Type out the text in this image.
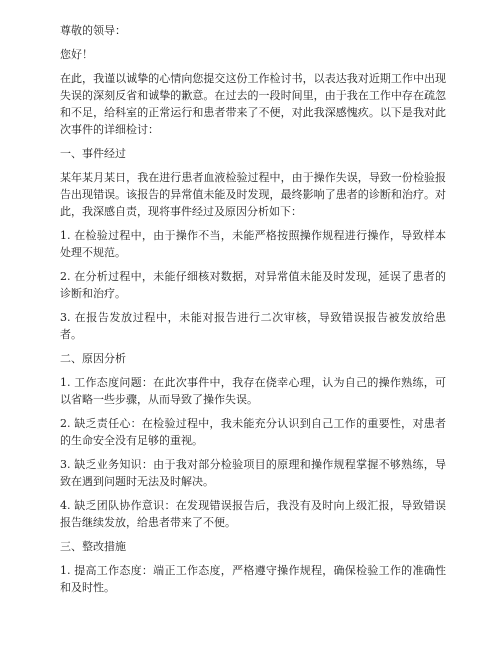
尊敬的领导：

您好！

在此，我谨以诚挚的心情向您提交这份工作检讨书，以表达我对近期工作中出现失误的深刻反省和诚挚的歉意。在过去的一段时间里，由于我在工作中存在疏忽和不足，给科室的正常运行和患者带来了不便，对此我深感愧疚。以下是我对此次事件的详细检讨：

一、事件经过

某年某月某日，我在进行患者血液检验过程中，由于操作失误，导致一份检验报告出现错误。该报告的异常值未能及时发现，最终影响了患者的诊断和治疗。对此，我深感自责，现将事件经过及原因分析如下：

1. 在检验过程中，由于操作不当，未能严格按照操作规程进行操作，导致样本处理不规范。

2. 在分析过程中，未能仔细核对数据，对异常值未能及时发现，延误了患者的诊断和治疗。

3. 在报告发放过程中，未能对报告进行二次审核，导致错误报告被发放给患者。

二、原因分析

1. 工作态度问题：在此次事件中，我存在侥幸心理，认为自己的操作熟练，可以省略一些步骤，从而导致了操作失误。

2. 缺乏责任心：在检验过程中，我未能充分认识到自己工作的重要性，对患者的生命安全没有足够的重视。

3. 缺乏业务知识：由于我对部分检验项目的原理和操作规程掌握不够熟练，导致在遇到问题时无法及时解决。

4. 缺乏团队协作意识：在发现错误报告后，我没有及时向上级汇报，导致错误报告继续发放，给患者带来了不便。

三、整改措施

1. 提高工作态度：端正工作态度，严格遵守操作规程，确保检验工作的准确性和及时性。
